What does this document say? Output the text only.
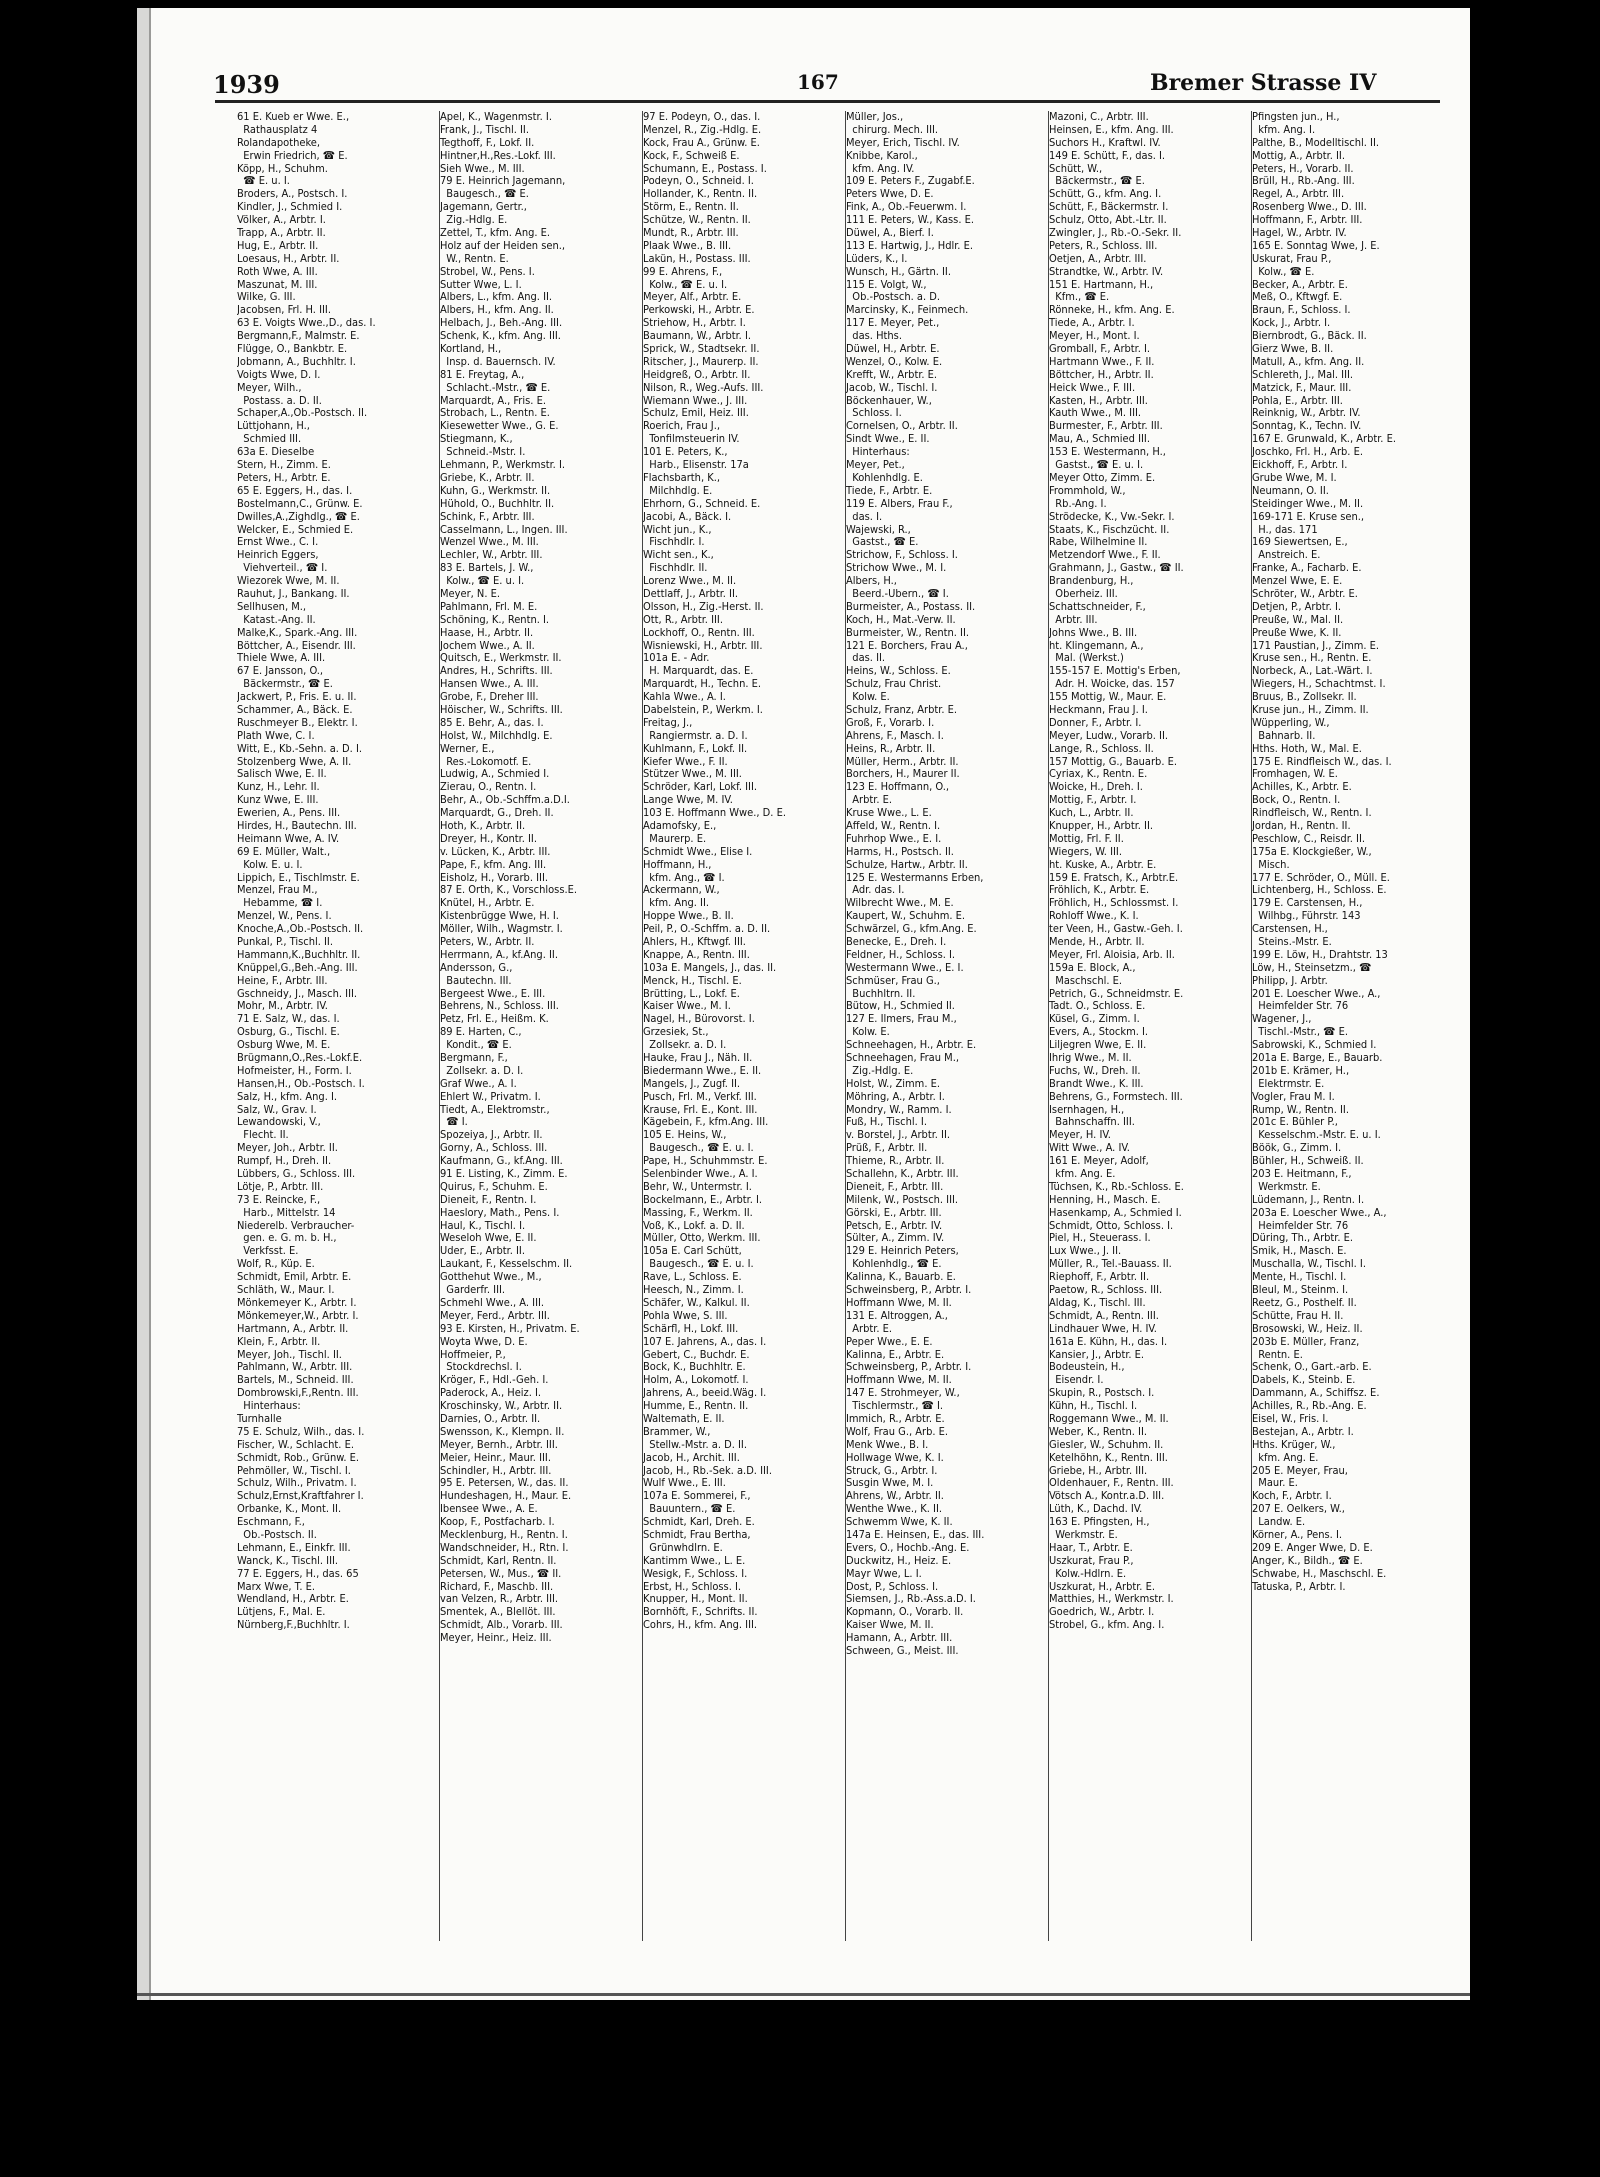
1939	167	Bremer Strasse IV
61 E. Kueb er Wwe. E.,
Rathausplatz 4
Rolandapotheke,
Erwin Friedrich, ☎ E.
Köpp, H., Schuhm.
☎ E. u. I.
Broders, A., Postsch. I.
Kindler, J., Schmied I.
Völker, A., Arbtr. I.
Trapp, A., Arbtr. II.
Hug, E., Arbtr. II.
Loesaus, H., Arbtr. II.
Roth Wwe, A. III.
Maszunat, M. III.
Wilke, G. III.
Jacobsen, Frl. H. III.
63 E. Voigts Wwe.,D., das. I.
Bergmann,F., Malmstr. E.
Flügge, O., Bankbtr. E.
Jobmann, A., Buchhltr. I.
Voigts Wwe, D. I.
Meyer, Wilh.,
Postass. a. D. II.
Schaper,A.,Ob.-Postsch. II.
Lüttjohann, H.,
Schmied III.
63a E. Dieselbe
Stern, H., Zimm. E.
Peters, H., Arbtr. E.
65 E. Eggers, H., das. I.
Bostelmann,C., Grünw. E.
Dwilles,A.,Zighdlg., ☎ E.
Welcker, E., Schmied E.
Ernst Wwe., C. I.
Heinrich Eggers,
Viehverteil., ☎ I.
Wiezorek Wwe, M. II.
Rauhut, J., Bankang. II.
Sellhusen, M.,
Katast.-Ang. II.
Malke,K., Spark.-Ang. III.
Böttcher, A., Eisendr. III.
Thiele Wwe, A. III.
67 E. Jansson, O.,
Bäckermstr., ☎ E.
Jackwert, P., Fris. E. u. II.
Schammer, A., Bäck. E.
Ruschmeyer B., Elektr. I.
Plath Wwe, C. I.
Witt, E., Kb.-Sehn. a. D. I.
Stolzenberg Wwe, A. II.
Salisch Wwe, E. II.
Kunz, H., Lehr. II.
Kunz Wwe, E. III.
Ewerien, A., Pens. III.
Hirdes, H., Bautechn. III.
Heimann Wwe, A. IV.
69 E. Müller, Walt.,
Kolw. E. u. I.
Lippich, E., Tischlmstr. E.
Menzel, Frau M.,
Hebamme, ☎ I.
Menzel, W., Pens. I.
Knoche,A.,Ob.-Postsch. II.
Punkal, P., Tischl. II.
Hammann,K.,Buchhltr. II.
Knüppel,G.,Beh.-Ang. III.
Heine, F., Arbtr. III.
Gschneidy, J., Masch. III.
Mohr, M., Arbtr. IV.
71 E. Salz, W., das. I.
Osburg, G., Tischl. E.
Osburg Wwe, M. E.
Brügmann,O.,Res.-Lokf.E.
Hofmeister, H., Form. I.
Hansen,H., Ob.-Postsch. I.
Salz, H., kfm. Ang. I.
Salz, W., Grav. I.
Lewandowski, V.,
Flecht. II.
Meyer, Joh., Arbtr. II.
Rumpf, H., Dreh. II.
Lübbers, G., Schloss. III.
Lötje, P., Arbtr. III.
73 E. Reincke, F.,
Harb., Mittelstr. 14
Niederelb. Verbraucher-
gen. e. G. m. b. H.,
Verkfsst. E.
Wolf, R., Küp. E.
Schmidt, Emil, Arbtr. E.
Schläth, W., Maur. I.
Mönkemeyer K., Arbtr. I.
Mönkemeyer,W., Arbtr. I.
Hartmann, A., Arbtr. II.
Klein, F., Arbtr. II.
Meyer, Joh., Tischl. II.
Pahlmann, W., Arbtr. III.
Bartels, M., Schneid. III.
Dombrowski,F.,Rentn. III.
Hinterhaus:
Turnhalle
75 E. Schulz, Wilh., das. I.
Fischer, W., Schlacht. E.
Schmidt, Rob., Grünw. E.
Pehmöller, W., Tischl. I.
Schulz, Wilh., Privatm. I.
Schulz,Ernst,Kraftfahrer I.
Örbanke, K., Mont. II.
Eschmann, F.,
Ob.-Postsch. II.
Lehmann, E., Einkfr. III.
Wanck, K., Tischl. III.
77 E. Eggers, H., das. 65
Marx Wwe, T. E.
Wendland, H., Arbtr. E.
Lütjens, F., Mal. E.
Nürnberg,F.,Buchhltr. I.
Apel, K., Wagenmstr. I.
Frank, J., Tischl. II.
Tegthoff, F., Lokf. II.
Hintner,H.,Res.-Lokf. III.
Sieh Wwe., M. III.
79 E. Heinrich Jagemann,
Baugesch., ☎ E.
Jagemann, Gertr.,
Zig.-Hdlg. E.
Zettel, T., kfm. Ang. E.
Holz auf der Heiden sen.,
W., Rentn. E.
Strobel, W., Pens. I.
Sutter Wwe, L. I.
Albers, L., kfm. Ang. II.
Albers, H., kfm. Ang. II.
Helbach, J., Beh.-Ang. III.
Schenk, K., kfm. Ang. III.
Kortland, H.,
Insp. d. Bauernsch. IV.
81 E. Freytag, A.,
Schlacht.-Mstr., ☎ E.
Marquardt, A., Fris. E.
Strobach, L., Rentn. E.
Kiesewetter Wwe., G. E.
Stiegmann, K.,
Schneid.-Mstr. I.
Lehmann, P., Werkmstr. I.
Griebe, K., Arbtr. II.
Kuhn, G., Werkmstr. II.
Hühold, O., Buchhltr. II.
Schink, F., Arbtr. III.
Casselmann, L., Ingen. III.
Wenzel Wwe., M. III.
Lechler, W., Arbtr. III.
83 E. Bartels, J. W.,
Kolw., ☎ E. u. I.
Meyer, N. E.
Pahlmann, Frl. M. E.
Schöning, K., Rentn. I.
Haase, H., Arbtr. II.
Jochem Wwe., A. II.
Quitsch, E., Werkmstr. II.
Andres, H., Schrifts. III.
Hansen Wwe., A. III.
Grobe, F., Dreher III.
Höischer, W., Schrifts. III.
85 E. Behr, A., das. I.
Holst, W., Milchhdlg. E.
Werner, E.,
Res.-Lokomotf. E.
Ludwig, A., Schmied I.
Zierau, O., Rentn. I.
Behr, A., Ob.-Schffm.a.D.I.
Marquardt, G., Dreh. II.
Hoth, K., Arbtr. II.
Dreyer, H., Kontr. II.
v. Lücken, K., Arbtr. III.
Pape, F., kfm. Ang. III.
Eisholz, H., Vorarb. III.
87 E. Orth, K., Vorschloss.E.
Knütel, H., Arbtr. E.
Kistenbrügge Wwe, H. I.
Möller, Wilh., Wagmstr. I.
Peters, W., Arbtr. II.
Herrmann, A., kf.Ang. II.
Andersson, G.,
Bautechn. III.
Bergeest Wwe., E. III.
Behrens, N., Schloss. III.
Petz, Frl. E., Heißm. K.
89 E. Harten, C.,
Kondit., ☎ E.
Bergmann, F.,
Zollsekr. a. D. I.
Graf Wwe., A. I.
Ehlert W., Privatm. I.
Tiedt, A., Elektromstr.,
☎ I.
Spozeiya, J., Arbtr. II.
Gorny, A., Schloss. III.
Kaufmann, G., kf.Ang. III.
91 E. Listing, K., Zimm. E.
Quirus, F., Schuhm. E.
Dieneit, F., Rentn. I.
Haeslory, Math., Pens. I.
Haul, K., Tischl. I.
Weseloh Wwe, E. II.
Uder, E., Arbtr. II.
Laukant, F., Kesselschm. II.
Gotthehut Wwe., M.,
Garderfr. III.
Schmehl Wwe., A. III.
Meyer, Ferd., Arbtr. III.
93 E. Kirsten, H., Privatm. E.
Woyta Wwe, D. E.
Hoffmeier, P.,
Stockdrechsl. I.
Kröger, F., Hdl.-Geh. I.
Paderock, A., Heiz. I.
Kroschinsky, W., Arbtr. II.
Darnies, O., Arbtr. II.
Swensson, K., Klempn. II.
Meyer, Bernh., Arbtr. III.
Meier, Heinr., Maur. III.
Schindler, H., Arbtr. III.
95 E. Petersen, W., das. II.
Hundeshagen, H., Maur. E.
Ibensee Wwe., A. E.
Koop, F., Postfacharb. I.
Mecklenburg, H., Rentn. I.
Wandschneider, H., Rtn. I.
Schmidt, Karl, Rentn. II.
Petersen, W., Mus., ☎ II.
Richard, F., Maschb. III.
van Velzen, R., Arbtr. III.
Smentek, A., Blellöt. III.
Schmidt, Alb., Vorarb. III.
Meyer, Heinr., Heiz. III.
97 E. Podeyn, O., das. I.
Menzel, R., Zig.-Hdlg. E.
Kock, Frau A., Grünw. E.
Kock, F., Schweiß E.
Schumann, E., Postass. I.
Podeyn, O., Schneid. I.
Hollander, K., Rentn. II.
Störm, E., Rentn. II.
Schütze, W., Rentn. II.
Mundt, R., Arbtr. III.
Plaak Wwe., B. III.
Lakün, H., Postass. III.
99 E. Ahrens, F.,
Kolw., ☎ E. u. I.
Meyer, Alf., Arbtr. E.
Perkowski, H., Arbtr. E.
Striehow, H., Arbtr. I.
Baumann, W., Arbtr. I.
Sprick, W., Stadtsekr. II.
Ritscher, J., Maurerp. II.
Heidgreß, O., Arbtr. II.
Nilson, R., Weg.-Aufs. III.
Wiemann Wwe., J. III.
Schulz, Emil, Heiz. III.
Roerich, Frau J.,
Tonfilmsteuerin IV.
101 E. Peters, K.,
Harb., Elisenstr. 17a
Flachsbarth, K.,
Milchhdlg. E.
Ehrhorn, G., Schneid. E.
Jacobi, A., Bäck. I.
Wicht jun., K.,
Fischhdlr. I.
Wicht sen., K.,
Fischhdlr. II.
Lorenz Wwe., M. II.
Dettlaff, J., Arbtr. II.
Olsson, H., Zig.-Herst. II.
Ott, R., Arbtr. III.
Lockhoff, O., Rentn. III.
Wisniewski, H., Arbtr. III.
101a E. - Adr.
H. Marquardt, das. E.
Marquardt, H., Techn. E.
Kahla Wwe., A. I.
Dabelstein, P., Werkm. I.
Freitag, J.,
Rangiermstr. a. D. I.
Kuhlmann, F., Lokf. II.
Kiefer Wwe., F. II.
Stützer Wwe., M. III.
Schröder, Karl, Lokf. III.
Lange Wwe, M. IV.
103 E. Hoffmann Wwe., D. E.
Adamofsky, E.,
Maurerp. E.
Schmidt Wwe., Elise I.
Hoffmann, H.,
kfm. Ang., ☎ I.
Ackermann, W.,
kfm. Ang. II.
Hoppe Wwe., B. II.
Peil, P., O.-Schffm. a. D. II.
Ahlers, H., Kftwgf. III.
Knappe, A., Rentn. III.
103a E. Mangels, J., das. II.
Menck, H., Tischl. E.
Brütting, L., Lokf. E.
Kaiser Wwe., M. I.
Nagel, H., Bürovorst. I.
Grzesiek, St.,
Zollsekr. a. D. I.
Hauke, Frau J., Näh. II.
Biedermann Wwe., E. II.
Mangels, J., Zugf. II.
Pusch, Frl. M., Verkf. III.
Krause, Frl. E., Kont. III.
Kägebein, F., kfm.Ang. III.
105 E. Heins, W.,
Baugesch., ☎ E. u. I.
Pape, H., Schuhmmstr. E.
Selenbinder Wwe., A. I.
Behr, W., Untermstr. I.
Bockelmann, E., Arbtr. I.
Massing, F., Werkm. II.
Voß, K., Lokf. a. D. II.
Müller, Otto, Werkm. III.
105a E. Carl Schütt,
Baugesch., ☎ E. u. I.
Rave, L., Schloss. E.
Heesch, N., Zimm. I.
Schäfer, W., Kalkul. II.
Pohla Wwe, S. III.
Schärfl, H., Lokf. III.
107 E. Jahrens, A., das. I.
Gebert, C., Buchdr. E.
Bock, K., Buchhltr. E.
Holm, A., Lokomotf. I.
Jahrens, A., beeid.Wäg. I.
Humme, E., Rentn. II.
Waltemath, E. II.
Brammer, W.,
Stellw.-Mstr. a. D. II.
Jacob, H., Archit. III.
Jacob, H., Rb.-Sek. a.D. III.
Wulf Wwe., E. III.
107a E. Sommerei, F.,
Bauuntern., ☎ E.
Schmidt, Karl, Dreh. E.
Schmidt, Frau Bertha,
Grünwhdlrn. E.
Kantimm Wwe., L. E.
Wesigk, F., Schloss. I.
Erbst, H., Schloss. I.
Knupper, H., Mont. II.
Bornhöft, F., Schrifts. II.
Cohrs, H., kfm. Ang. III.
Müller, Jos.,
chirurg. Mech. III.
Meyer, Erich, Tischl. IV.
Knibbe, Karol.,
kfm. Ang. IV.
109 E. Peters F., Zugabf.E.
Peters Wwe, D. E.
Fink, A., Ob.-Feuerwm. I.
111 E. Peters, W., Kass. E.
Düwel, A., Bierf. I.
113 E. Hartwig, J., Hdlr. E.
Lüders, K., I.
Wunsch, H., Gärtn. II.
115 E. Volgt, W.,
Ob.-Postsch. a. D.
Marcinsky, K., Feinmech.
117 E. Meyer, Pet.,
das. Hths.
Düwel, H., Arbtr. E.
Wenzel, O., Kolw. E.
Krefft, W., Arbtr. E.
Jacob, W., Tischl. I.
Böckenhauer, W.,
Schloss. I.
Cornelsen, O., Arbtr. II.
Sindt Wwe., E. II.
Hinterhaus:
Meyer, Pet.,
Kohlenhdlg. E.
Tiede, F., Arbtr. E.
119 E. Albers, Frau F.,
das. I.
Wajewski, R.,
Gastst., ☎ E.
Strichow, F., Schloss. I.
Strichow Wwe., M. I.
Albers, H.,
Beerd.-Übern., ☎ I.
Burmeister, A., Postass. II.
Koch, H., Mat.-Verw. II.
Burmeister, W., Rentn. II.
121 E. Borchers, Frau A.,
das. II.
Heins, W., Schloss. E.
Schulz, Frau Christ.
Kolw. E.
Schulz, Franz, Arbtr. E.
Groß, F., Vorarb. I.
Ahrens, F., Masch. I.
Heins, R., Arbtr. II.
Müller, Herm., Arbtr. II.
Borchers, H., Maurer II.
123 E. Hoffmann, O.,
Arbtr. E.
Kruse Wwe., L. E.
Affeld, W., Rentn. I.
Fuhrhop Wwe., E. I.
Harms, H., Postsch. II.
Schulze, Hartw., Arbtr. II.
125 E. Westermanns Erben,
Adr. das. I.
Wilbrecht Wwe., M. E.
Kaupert, W., Schuhm. E.
Schwärzel, G., kfm.Ang. E.
Benecke, E., Dreh. I.
Feldner, H., Schloss. I.
Westermann Wwe., E. I.
Schmüser, Frau G.,
Buchhltrn. II.
Bütow, H., Schmied II.
127 E. Ilmers, Frau M.,
Kolw. E.
Schneehagen, H., Arbtr. E.
Schneehagen, Frau M.,
Zig.-Hdlg. E.
Holst, W., Zimm. E.
Möhring, A., Arbtr. I.
Mondry, W., Ramm. I.
Fuß, H., Tischl. I.
v. Borstel, J., Arbtr. II.
Prüß, F., Arbtr. II.
Thieme, R., Arbtr. II.
Schallehn, K., Arbtr. III.
Dieneit, F., Arbtr. III.
Milenk, W., Postsch. III.
Görski, E., Arbtr. III.
Petsch, E., Arbtr. IV.
Sülter, A., Zimm. IV.
129 E. Heinrich Peters,
Kohlenhdlg., ☎ E.
Kalinna, K., Bauarb. E.
Schweinsberg, P., Arbtr. I.
Hoffmann Wwe, M. II.
131 E. Altroggen, A.,
Arbtr. E.
Peper Wwe., E. E.
Kalinna, E., Arbtr. E.
Schweinsberg, P., Arbtr. I.
Hoffmann Wwe, M. II.
147 E. Strohmeyer, W.,
Tischlermstr., ☎ I.
Immich, R., Arbtr. E.
Wolf, Frau G., Arb. E.
Menk Wwe., B. I.
Hollwage Wwe, K. I.
Struck, G., Arbtr. I.
Susgin Wwe, M. I.
Ahrens, W., Arbtr. II.
Wenthe Wwe., K. II.
Schwemm Wwe, K. II.
147a E. Heinsen, E., das. III.
Evers, O., Hochb.-Ang. E.
Duckwitz, H., Heiz. E.
Mayr Wwe, L. I.
Dost, P., Schloss. I.
Siemsen, J., Rb.-Ass.a.D. I.
Kopmann, O., Vorarb. II.
Kaiser Wwe, M. II.
Hamann, A., Arbtr. III.
Schween, G., Meist. III.
Mazoni, C., Arbtr. III.
Heinsen, E., kfm. Ang. III.
Suchors H., Kraftwl. IV.
149 E. Schütt, F., das. I.
Schütt, W.,
Bäckermstr., ☎ E.
Schütt, G., kfm. Ang. I.
Schütt, F., Bäckermstr. I.
Schulz, Otto, Abt.-Ltr. II.
Zwingler, J., Rb.-O.-Sekr. II.
Peters, R., Schloss. III.
Oetjen, A., Arbtr. III.
Strandtke, W., Arbtr. IV.
151 E. Hartmann, H.,
Kfm., ☎ E.
Rönneke, H., kfm. Ang. E.
Tiede, A., Arbtr. I.
Meyer, H., Mont. I.
Gromball, F., Arbtr. I.
Hartmann Wwe., F. II.
Böttcher, H., Arbtr. II.
Heick Wwe., F. III.
Kasten, H., Arbtr. III.
Kauth Wwe., M. III.
Burmester, F., Arbtr. III.
Mau, A., Schmied III.
153 E. Westermann, H.,
Gastst., ☎ E. u. I.
Meyer Otto, Zimm. E.
Frommhold, W.,
Rb.-Ang. I.
Strödecke, K., Vw.-Sekr. I.
Staats, K., Fischzücht. II.
Rabe, Wilhelmine II.
Metzendorf Wwe., F. II.
Grahmann, J., Gastw., ☎ II.
Brandenburg, H.,
Oberheiz. III.
Schattschneider, F.,
Arbtr. III.
Johns Wwe., B. III.
ht. Klingemann, A.,
Mal. (Werkst.)
155-157 E. Mottig's Erben,
Adr. H. Woicke, das. 157
155 Mottig, W., Maur. E.
Heckmann, Frau J. I.
Donner, F., Arbtr. I.
Meyer, Ludw., Vorarb. II.
Lange, R., Schloss. II.
157 Mottig, G., Bauarb. E.
Cyriax, K., Rentn. E.
Woicke, H., Dreh. I.
Mottig, F., Arbtr. I.
Kuch, L., Arbtr. II.
Knupper, H., Arbtr. II.
Mottig, Frl. F. II.
Wiegers, W. III.
ht. Kuske, A., Arbtr. E.
159 E. Fratsch, K., Arbtr.E.
Fröhlich, K., Arbtr. E.
Fröhlich, H., Schlossmst. I.
Rohloff Wwe., K. I.
ter Veen, H., Gastw.-Geh. I.
Mende, H., Arbtr. II.
Meyer, Frl. Aloisia, Arb. II.
159a E. Block, A.,
Maschschl. E.
Petrich, G., Schneidmstr. E.
Tadt. O., Schloss. E.
Küsel, G., Zimm. I.
Evers, A., Stockm. I.
Liljegren Wwe, E. II.
Ihrig Wwe., M. II.
Fuchs, W., Dreh. II.
Brandt Wwe., K. III.
Behrens, G., Formstech. III.
Isernhagen, H.,
Bahnschaffn. III.
Meyer, H. IV.
Witt Wwe., A. IV.
161 E. Meyer, Adolf,
kfm. Ang. E.
Tüchsen, K., Rb.-Schloss. E.
Henning, H., Masch. E.
Hasenkamp, A., Schmied I.
Schmidt, Otto, Schloss. I.
Piel, H., Steuerass. I.
Lux Wwe., J. II.
Müller, R., Tel.-Bauass. II.
Riephoff, F., Arbtr. II.
Paetow, R., Schloss. III.
Aldag, K., Tischl. III.
Schmidt, A., Rentn. III.
Lindhauer Wwe, H. IV.
161a E. Kühn, H., das. I.
Kansier, J., Arbtr. E.
Bodeustein, H.,
Eisendr. I.
Skupin, R., Postsch. I.
Kühn, H., Tischl. I.
Roggemann Wwe., M. II.
Weber, K., Rentn. II.
Giesler, W., Schuhm. II.
Ketelhöhn, K., Rentn. III.
Griebe, H., Arbtr. III.
Oldenhauer, F., Rentn. III.
Vötsch A., Kontr.a.D. III.
Lüth, K., Dachd. IV.
163 E. Pfingsten, H.,
Werkmstr. E.
Haar, T., Arbtr. E.
Uszkurat, Frau P.,
Kolw.-Hdlrn. E.
Uszkurat, H., Arbtr. E.
Matthies, H., Werkmstr. I.
Goedrich, W., Arbtr. I.
Strobel, G., kfm. Ang. I.
Pfingsten jun., H.,
kfm. Ang. I.
Palthe, B., Modelltischl. II.
Mottig, A., Arbtr. II.
Peters, H., Vorarb. II.
Brüll, H., Rb.-Ang. III.
Regel, A., Arbtr. III.
Rosenberg Wwe., D. III.
Hoffmann, F., Arbtr. III.
Hagel, W., Arbtr. IV.
165 E. Sonntag Wwe, J. E.
Uskurat, Frau P.,
Kolw., ☎ E.
Becker, A., Arbtr. E.
Meß, O., Kftwgf. E.
Braun, F., Schloss. I.
Kock, J., Arbtr. I.
Biernbrodt, G., Bäck. II.
Gierz Wwe, B. II.
Matull, A., kfm. Ang. II.
Schlereth, J., Mal. III.
Matzick, F., Maur. III.
Pohla, E., Arbtr. III.
Reinknig, W., Arbtr. IV.
Sonntag, K., Techn. IV.
167 E. Grunwald, K., Arbtr. E.
Joschko, Frl. H., Arb. E.
Eickhoff, F., Arbtr. I.
Grube Wwe, M. I.
Neumann, O. II.
Steidinger Wwe., M. II.
169-171 E. Kruse sen.,
H., das. 171
169 Siewertsen, E.,
Anstreich. E.
Franke, A., Facharb. E.
Menzel Wwe, E. E.
Schröter, W., Arbtr. E.
Detjen, P., Arbtr. I.
Preuße, W., Mal. II.
Preuße Wwe, K. II.
171 Paustian, J., Zimm. E.
Kruse sen., H., Rentn. E.
Norbeck, A., Lat.-Wärt. I.
Wiegers, H., Schachtmst. I.
Bruus, B., Zollsekr. II.
Kruse jun., H., Zimm. II.
Wüpperling, W.,
Bahnarb. II.
Hths. Hoth, W., Mal. E.
175 E. Rindfleisch W., das. I.
Fromhagen, W. E.
Achilles, K., Arbtr. E.
Bock, O., Rentn. I.
Rindfleisch, W., Rentn. I.
Jordan, H., Rentn. II.
Peschlow, C., Reisdr. II.
175a E. Klockgießer, W.,
Misch.
177 E. Schröder, O., Müll. E.
Lichtenberg, H., Schloss. E.
179 E. Carstensen, H.,
Wilhbg., Führstr. 143
Carstensen, H.,
Steins.-Mstr. E.
199 E. Löw, H., Drahtstr. 13
Löw, H., Steinsetzm., ☎
Philipp, J. Arbtr.
201 E. Loescher Wwe., A.,
Heimfelder Str. 76
Wagener, J.,
Tischl.-Mstr., ☎ E.
Sabrowski, K., Schmied I.
201a E. Barge, E., Bauarb.
201b E. Krämer, H.,
Elektrmstr. E.
Vogler, Frau M. I.
Rump, W., Rentn. II.
201c E. Bühler P.,
Kesselschm.-Mstr. E. u. I.
Böök, G., Zimm. I.
Bühler, H., Schweiß. II.
203 E. Heitmann, F.,
Werkmstr. E.
Lüdemann, J., Rentn. I.
203a E. Loescher Wwe., A.,
Heimfelder Str. 76
Düring, Th., Arbtr. E.
Smik, H., Masch. E.
Muschalla, W., Tischl. I.
Mente, H., Tischl. I.
Bleul, M., Steinm. I.
Reetz, G., Posthelf. II.
Schütte, Frau H. II.
Brosowski, W., Heiz. II.
203b E. Müller, Franz,
Rentn. E.
Schenk, O., Gart.-arb. E.
Dabels, K., Steinb. E.
Dammann, A., Schiffsz. E.
Achilles, R., Rb.-Ang. E.
Eisel, W., Fris. I.
Bestejan, A., Arbtr. I.
Hths. Krüger, W.,
kfm. Ang. E.
205 E. Meyer, Frau,
Maur. E.
Koch, F., Arbtr. I.
207 E. Oelkers, W.,
Landw. E.
Körner, A., Pens. I.
209 E. Anger Wwe, D. E.
Anger, K., Bildh., ☎ E.
Schwabe, H., Maschschl. E.
Tatuska, P., Arbtr. I.
